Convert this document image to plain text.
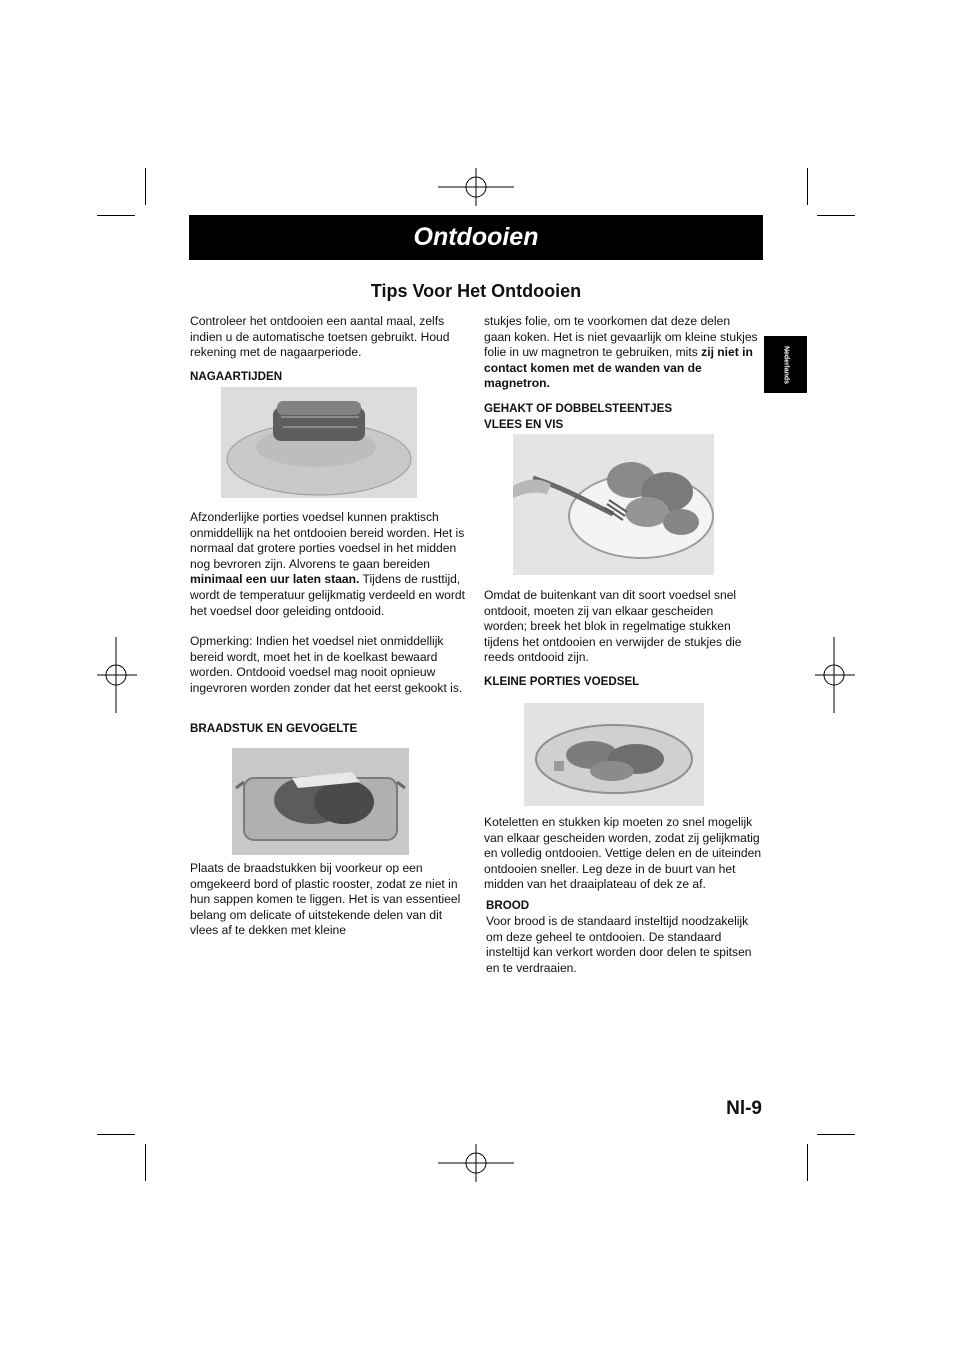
Ontdooien
Tips Voor Het Ontdooien
Nederlands

Controleer het ontdooien een aantal maal, zelfs indien u de automatische toetsen gebruikt. Houd rekening met de nagaarperiode.

NAGAARTIJDEN

Afzonderlijke porties voedsel kunnen praktisch onmiddellijk na het ontdooien bereid worden. Het is normaal dat grotere porties voedsel in het midden nog bevroren zijn. Alvorens te gaan bereiden minimaal een uur laten staan. Tijdens de rusttijd, wordt de temperatuur gelijkmatig verdeeld en wordt het voedsel door geleiding ontdooid.

Opmerking: Indien het voedsel niet onmiddellijk bereid wordt, moet het in de koelkast bewaard worden. Ontdooid voedsel mag nooit opnieuw ingevroren worden zonder dat het eerst gekookt is.

BRAADSTUK EN GEVOGELTE

Plaats de braadstukken bij voorkeur op een omgekeerd bord of plastic rooster, zodat ze niet in hun sappen komen te liggen. Het is van essentieel belang om delicate of uitstekende delen van dit vlees af te dekken met kleine

stukjes folie, om te voorkomen dat deze delen gaan koken. Het is niet gevaarlijk om kleine stukjes folie in uw magnetron te gebruiken, mits zij niet in contact komen met de wanden van de magnetron.

GEHAKT OF DOBBELSTEENTJES
VLEES EN VIS

Omdat de buitenkant van dit soort voedsel snel ontdooit, moeten zij van elkaar gescheiden worden; breek het blok in regelmatige stukken tijdens het ontdooien en verwijder de stukjes die reeds ontdooid zijn.

KLEINE PORTIES VOEDSEL

Koteletten en stukken kip moeten zo snel mogelijk van elkaar gescheiden worden, zodat zij gelijkmatig en volledig ontdooien. Vettige delen en de uiteinden ontdooien sneller. Leg deze in de buurt van het midden van het draaiplateau of dek ze af.

BROOD

Voor brood is de standaard insteltijd noodzakelijk om deze geheel te ontdooien. De standaard insteltijd kan verkort worden door delen te spitsen en te verdraaien.

Nl-9
